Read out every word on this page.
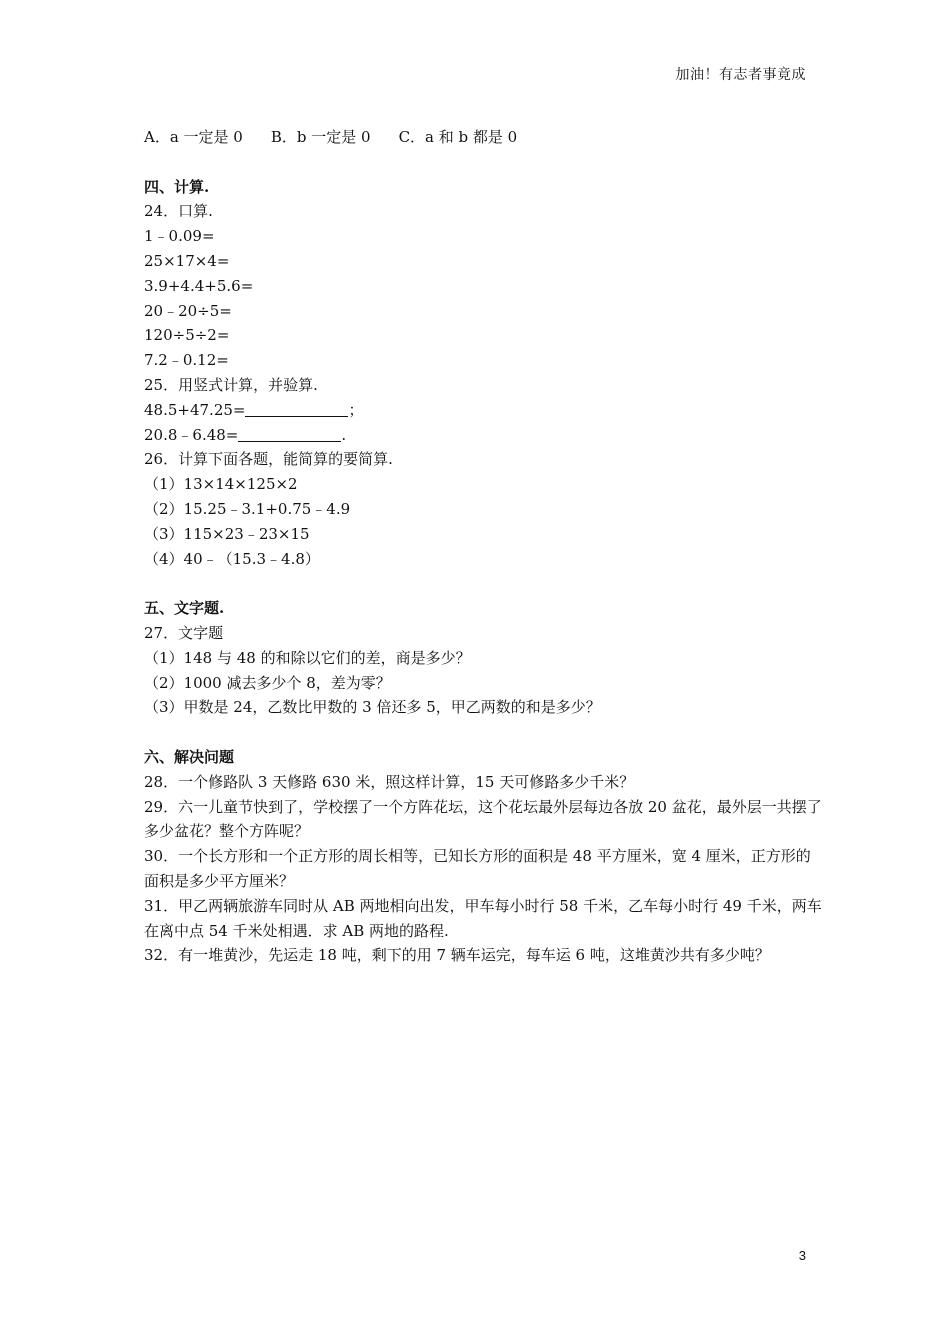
加油！有志者事竟成
A．a 一定是 0 B．b 一定是 0 C．a 和 b 都是 0
四、计算.
24．口算.
1﹣0.09=
25×17×4=
3.9+4.4+5.6=
20﹣20÷5=
120÷5÷2=
7.2﹣0.12=
25．用竖式计算，并验算.
48.5+47.25=	；
20.8﹣6.48=	.
26．计算下面各题，能简算的要简算.
（1）13×14×125×2
（2）15.25﹣3.1+0.75﹣4.9
（3）115×23﹣23×15
（4）40﹣（15.3﹣4.8）
五、文字题.
27．文字题
（1）148 与 48 的和除以它们的差，商是多少？
（2）1000 减去多少个 8，差为零？
（3）甲数是 24，乙数比甲数的 3 倍还多 5，甲乙两数的和是多少？
六、解决问题
28．一个修路队 3 天修路 630 米，照这样计算，15 天可修路多少千米？
29．六一儿童节快到了，学校摆了一个方阵花坛，这个花坛最外层每边各放 20 盆花，最外层一共摆了多少盆花？整个方阵呢？
30．一个长方形和一个正方形的周长相等，已知长方形的面积是 48 平方厘米，宽 4 厘米，正方形的面积是多少平方厘米？
31．甲乙两辆旅游车同时从 AB 两地相向出发，甲车每小时行 58 千米，乙车每小时行 49 千米，两车在离中点 54 千米处相遇．求 AB 两地的路程.
32．有一堆黄沙，先运走 18 吨，剩下的用 7 辆车运完，每车运 6 吨，这堆黄沙共有多少吨？
3
